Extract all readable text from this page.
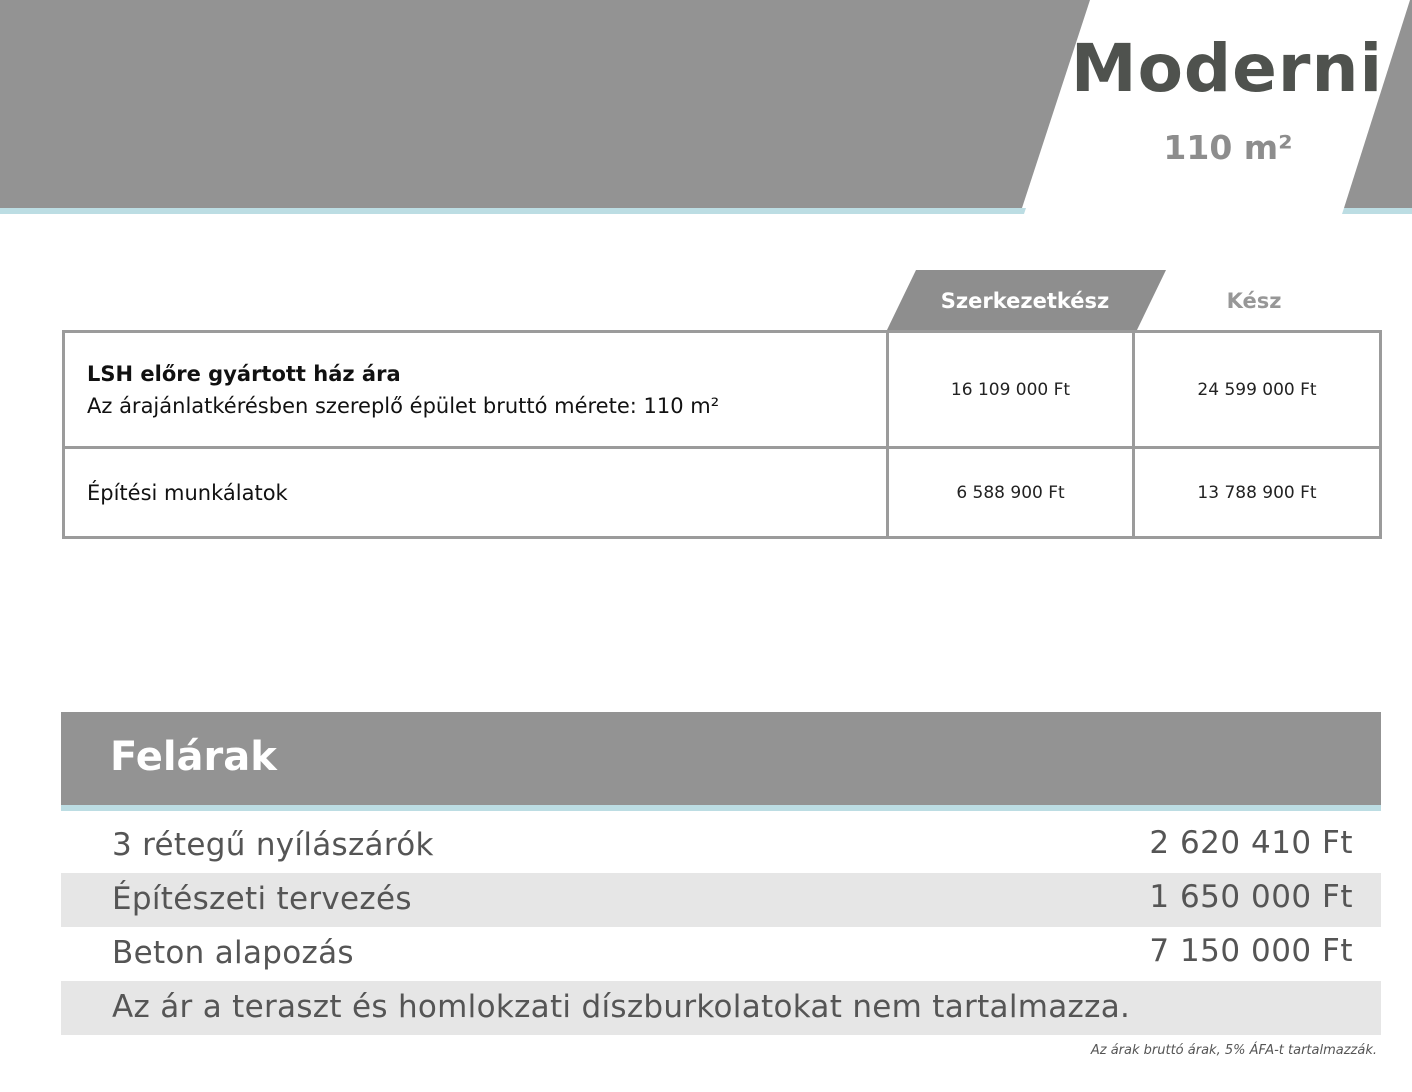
Moderni
110 m²
Szerkezetkész	Kész
LSH előre gyártott ház ára
Az árajánlatkérésben szereplő épület bruttó mérete: 110 m²	16 109 000 Ft	24 599 000 Ft
Építési munkálatok	6 588 900 Ft	13 788 900 Ft
Felárak
3 rétegű nyílászárók	2 620 410 Ft
Építészeti tervezés	1 650 000 Ft
Beton alapozás	7 150 000 Ft
Az ár a teraszt és homlokzati díszburkolatokat nem tartalmazza.
Az árak bruttó árak, 5% ÁFA-t tartalmazzák.
